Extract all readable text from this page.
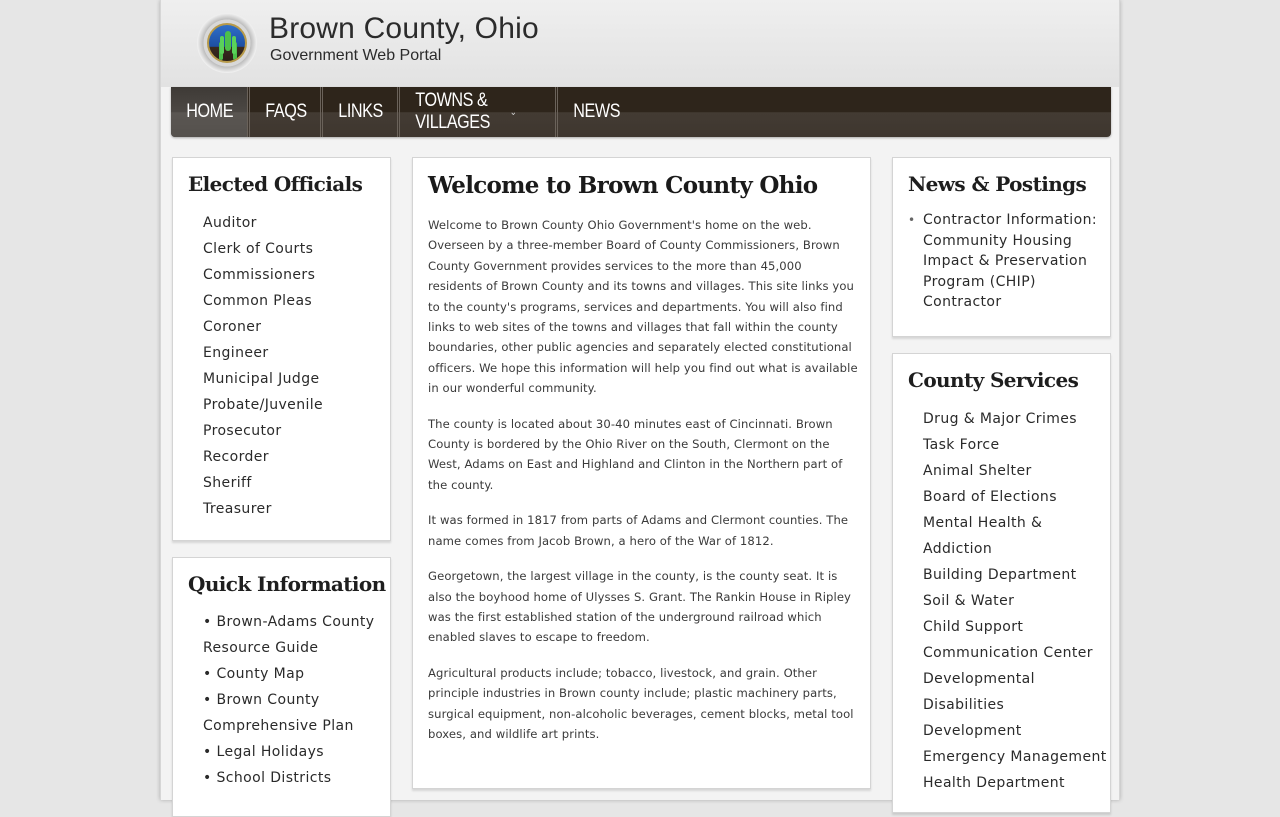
Brown County, Ohio
Government Web Portal
HOME	FAQS	LINKS
TOWNS & VILLAGES	⌄	NEWS
Elected Officials
Auditor
Clerk of Courts
Commissioners
Common Pleas
Coroner
Engineer
Municipal Judge
Probate/Juvenile
Prosecutor
Recorder
Sheriff
Treasurer
Quick Information
• Brown-Adams County Resource Guide
• County Map
• Brown County Comprehensive Plan
• Legal Holidays
• School Districts
Welcome to Brown County Ohio

Welcome to Brown County Ohio Government's home on the web. Overseen by a three-member Board of County Commissioners, Brown County Government provides services to the more than 45,000 residents of Brown County and its towns and villages. This site links you to the county's programs, services and departments. You will also find links to web sites of the towns and villages that fall within the county boundaries, other public agencies and separately elected constitutional officers. We hope this information will help you find out what is available in our wonderful community.

The county is located about 30-40 minutes east of Cincinnati. Brown County is bordered by the Ohio River on the South, Clermont on the West, Adams on East and Highland and Clinton in the Northern part of the county.

It was formed in 1817 from parts of Adams and Clermont counties. The name comes from Jacob Brown, a hero of the War of 1812.

Georgetown, the largest village in the county, is the county seat. It is also the boyhood home of Ulysses S. Grant. The Rankin House in Ripley was the first established station of the underground railroad which enabled slaves to escape to freedom.

Agricultural products include; tobacco, livestock, and grain. Other principle industries in Brown county include; plastic machinery parts, surgical equipment, non-alcoholic beverages, cement blocks, metal tool boxes, and wildlife art prints.

News & Postings
• Contractor Information: Community Housing Impact & Preservation Program (CHIP) Contractor
County Services
Drug & Major Crimes Task Force
Animal Shelter
Board of Elections
Mental Health & Addiction
Building Department
Soil & Water
Child Support
Communication Center
Developmental Disabilities
Development
Emergency Management
Health Department
